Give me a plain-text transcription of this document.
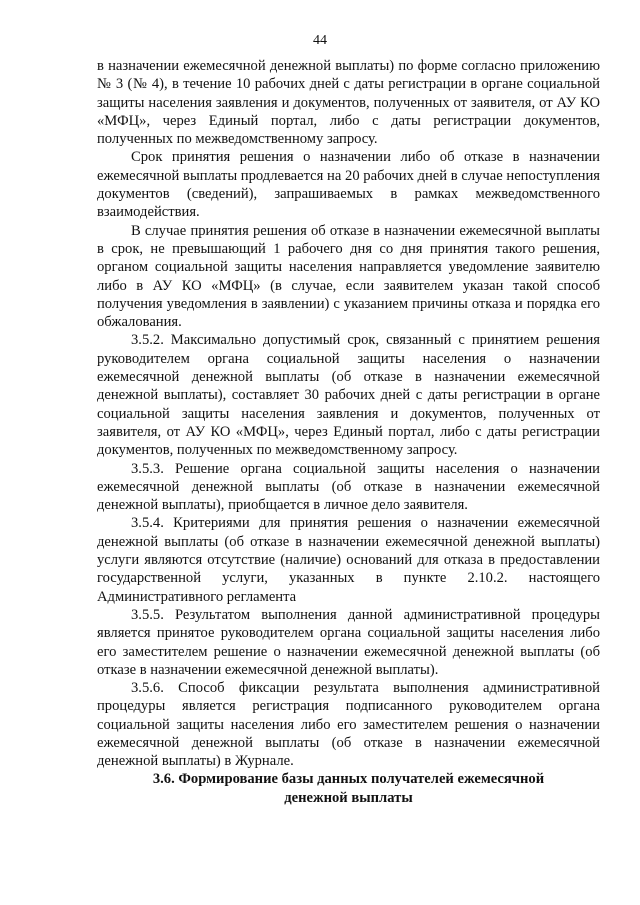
44

в назначении ежемесячной денежной выплаты) по форме согласно приложению № 3 (№ 4), в течение 10 рабочих дней с даты регистрации в органе социальной защиты населения заявления и документов, полученных от заявителя, от АУ КО «МФЦ», через Единый портал, либо с даты регистрации документов, полученных по межведомственному запросу.

Срок принятия решения о назначении либо об отказе в назначении ежемесячной выплаты продлевается на 20 рабочих дней в случае непоступления документов (сведений), запрашиваемых в рамках межведомственного взаимодействия.

В случае принятия решения об отказе в назначении ежемесячной выплаты в срок, не превышающий 1 рабочего дня со дня принятия такого решения, органом социальной защиты населения направляется уведомление заявителю либо в АУ КО «МФЦ» (в случае, если заявителем указан такой способ получения уведомления в заявлении) с указанием причины отказа и порядка его обжалования.

3.5.2. Максимально допустимый срок, связанный с принятием решения руководителем органа социальной защиты населения о назначении ежемесячной денежной выплаты (об отказе в назначении ежемесячной денежной выплаты), составляет 30 рабочих дней с даты регистрации в органе социальной защиты населения заявления и документов, полученных от заявителя, от АУ КО «МФЦ», через Единый портал, либо с даты регистрации документов, полученных по межведомственному запросу.

3.5.3. Решение органа социальной защиты населения о назначении ежемесячной денежной выплаты (об отказе в назначении ежемесячной денежной выплаты), приобщается в личное дело заявителя.

3.5.4. Критериями для принятия решения о назначении ежемесячной денежной выплаты (об отказе в назначении ежемесячной денежной выплаты) услуги являются отсутствие (наличие) оснований для отказа в предоставлении государственной услуги, указанных в пункте 2.10.2. настоящего Административного регламента

3.5.5. Результатом выполнения данной административной процедуры является принятое руководителем органа социальной защиты населения либо его заместителем решение о назначении ежемесячной денежной выплаты (об отказе в назначении ежемесячной денежной выплаты).

3.5.6. Способ фиксации результата выполнения административной процедуры является регистрация подписанного руководителем органа социальной защиты населения либо его заместителем решения о назначении ежемесячной денежной выплаты (об отказе в назначении ежемесячной денежной выплаты) в Журнале.

3.6. Формирование базы данных получателей ежемесячной
денежной выплаты
